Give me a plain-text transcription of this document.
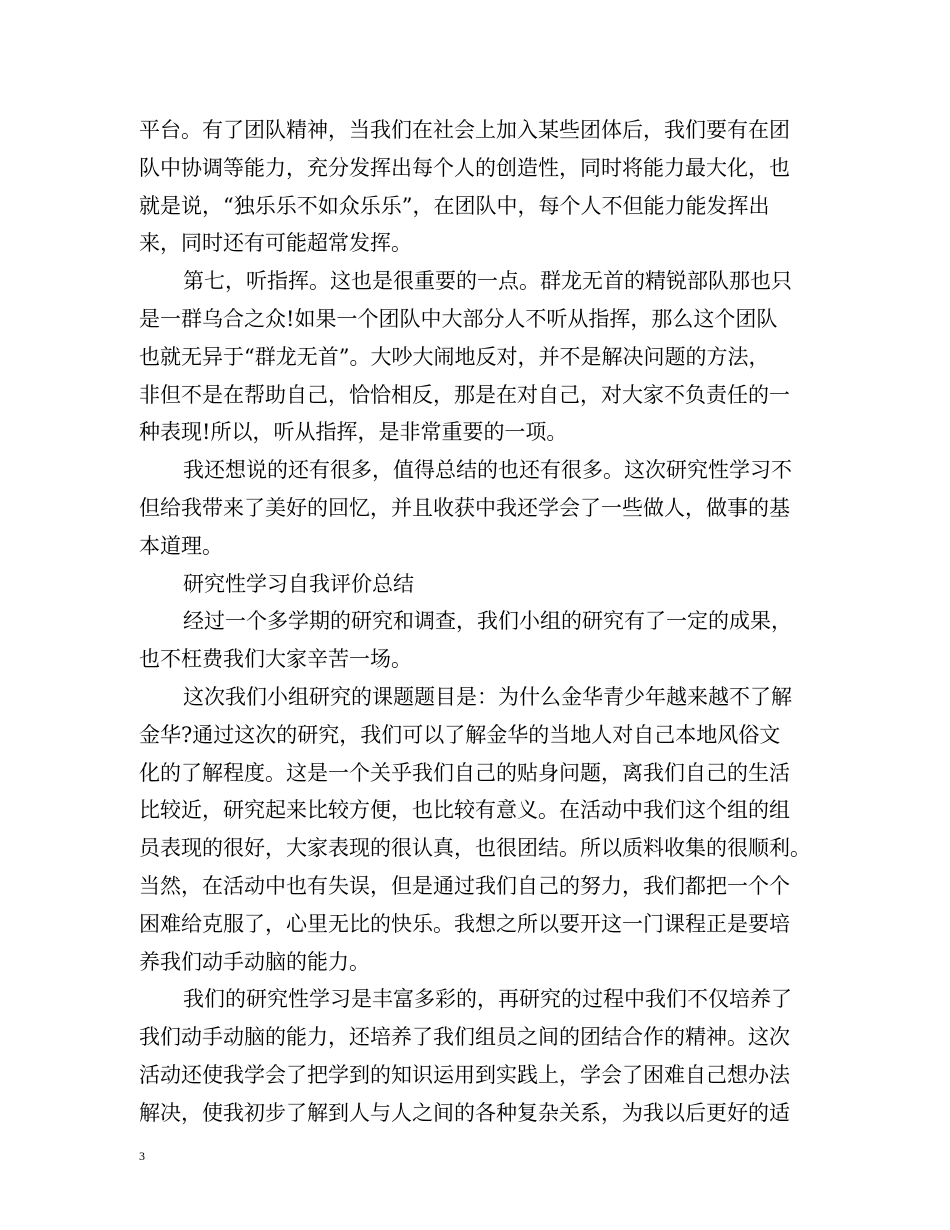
平台。有了团队精神，当我们在社会上加入某些团体后，我们要有在团
队中协调等能力，充分发挥出每个人的创造性，同时将能力最大化，也
就是说，“独乐乐不如众乐乐”，在团队中，每个人不但能力能发挥出
来，同时还有可能超常发挥。
第七，听指挥。这也是很重要的一点。群龙无首的精锐部队那也只
是一群乌合之众!如果一个团队中大部分人不听从指挥，那么这个团队
也就无异于“群龙无首”。大吵大闹地反对，并不是解决问题的方法，
非但不是在帮助自己，恰恰相反，那是在对自己，对大家不负责任的一
种表现!所以，听从指挥，是非常重要的一项。
我还想说的还有很多，值得总结的也还有很多。这次研究性学习不
但给我带来了美好的回忆，并且收获中我还学会了一些做人，做事的基
本道理。
研究性学习自我评价总结
经过一个多学期的研究和调查，我们小组的研究有了一定的成果，
也不枉费我们大家辛苦一场。
这次我们小组研究的课题题目是：为什么金华青少年越来越不了解
金华?通过这次的研究，我们可以了解金华的当地人对自己本地风俗文
化的了解程度。这是一个关乎我们自己的贴身问题，离我们自己的生活
比较近，研究起来比较方便，也比较有意义。在活动中我们这个组的组
员表现的很好，大家表现的很认真，也很团结。所以质料收集的很顺利。
当然，在活动中也有失误，但是通过我们自己的努力，我们都把一个个
困难给克服了，心里无比的快乐。我想之所以要开这一门课程正是要培
养我们动手动脑的能力。
我们的研究性学习是丰富多彩的，再研究的过程中我们不仅培养了
我们动手动脑的能力，还培养了我们组员之间的团结合作的精神。这次
活动还使我学会了把学到的知识运用到实践上，学会了困难自己想办法
解决，使我初步了解到人与人之间的各种复杂关系，为我以后更好的适
3
